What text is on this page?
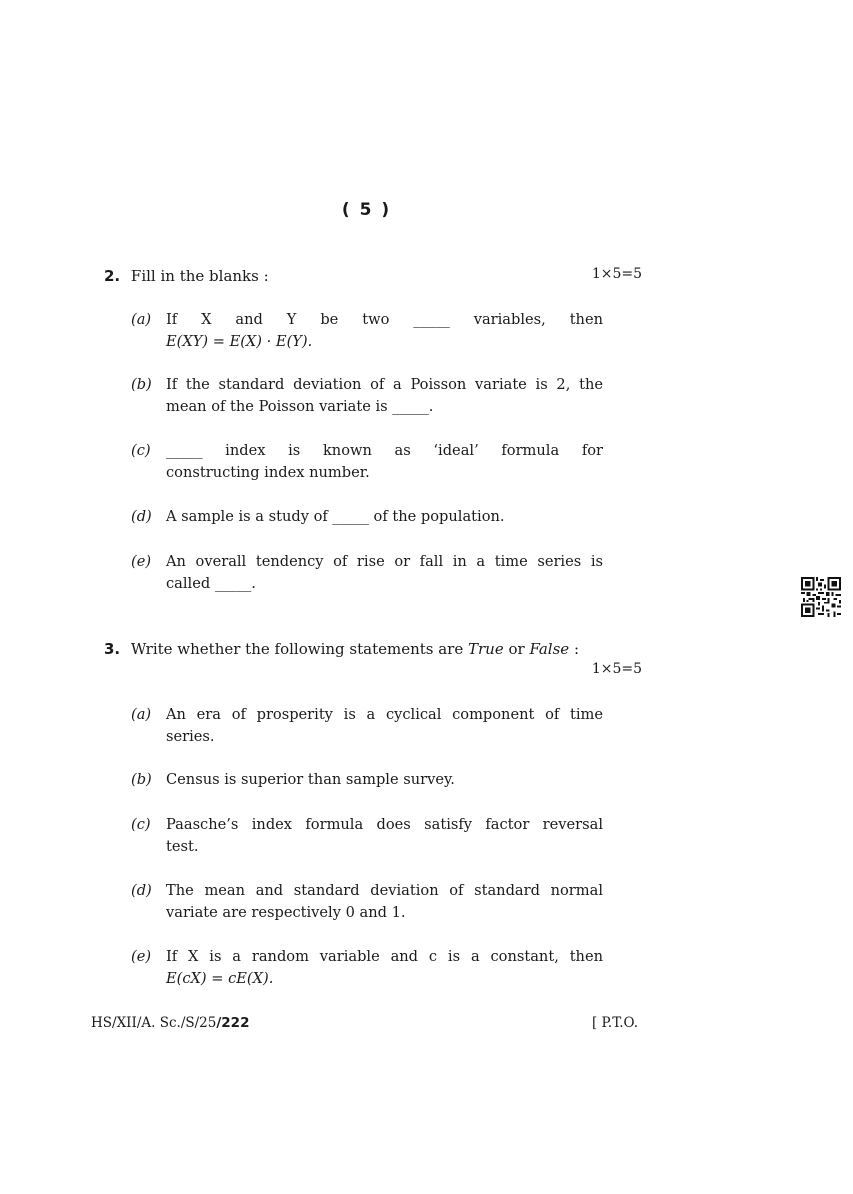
( 5 )
2. Fill in the blanks :	1×5=5
(a) If X and Y be two _____ variables, then
E(XY) = E(X) · E(Y).
(b) If the standard deviation of a Poisson variate is 2, the
mean of the Poisson variate is _____.
(c) _____ index is known as ‘ideal’ formula for
constructing index number.
(d) A sample is a study of _____ of the population.
(e) An overall tendency of rise or fall in a time series is
called _____.
3. Write whether the following statements are True or False :
1×5=5
(a) An era of prosperity is a cyclical component of time
series.
(b) Census is superior than sample survey.
(c) Paasche’s index formula does satisfy factor reversal
test.
(d) The mean and standard deviation of standard normal
variate are respectively 0 and 1.
(e) If X is a random variable and c is a constant, then
E(cX) = cE(X).
HS/XII/A. Sc./S/25/222	[ P.T.O.
